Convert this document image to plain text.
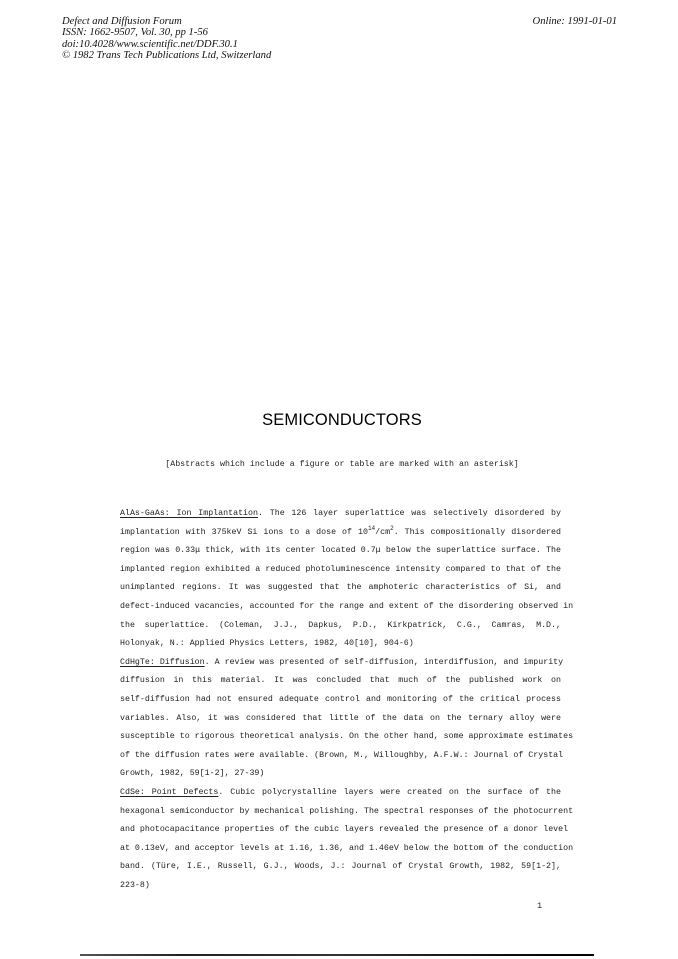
Defect and Diffusion Forum
ISSN: 1662-9507, Vol. 30, pp 1-56
doi:10.4028/www.scientific.net/DDF.30.1
© 1982 Trans Tech Publications Ltd, Switzerland
Online: 1991-01-01
SEMICONDUCTORS
[Abstracts which include a figure or table are marked with an asterisk]
AlAs-GaAs: Ion Implantation. The 126 layer superlattice was selectively disordered by
implantation with 375keV Si ions to a dose of $10^{14}/cm^2$. This compositionally disordered
region was 0.33μ thick, with its center located 0.7μ below the superlattice surface. The
implanted region exhibited a reduced photoluminescence intensity compared to that of the
unimplanted regions. It was suggested that the amphoteric characteristics of Si, and
defect-induced vacancies, accounted for the range and extent of the disordering observed in
the superlattice. (Coleman, J.J., Dapkus, P.D., Kirkpatrick, C.G., Camras, M.D.,
Holonyak, N.: Applied Physics Letters, 1982, 40[10], 904-6)
CdHgTe: Diffusion. A review was presented of self-diffusion, interdiffusion, and impurity
diffusion in this material. It was concluded that much of the published work on
self-diffusion had not ensured adequate control and monitoring of the critical process
variables. Also, it was considered that little of the data on the ternary alloy were
susceptible to rigorous theoretical analysis. On the other hand, some approximate estimates
of the diffusion rates were available. (Brown, M., Willoughby, A.F.W.: Journal of Crystal
Growth, 1982, 59[1-2], 27-39)
CdSe: Point Defects. Cubic polycrystalline layers were created on the surface of the
hexagonal semiconductor by mechanical polishing. The spectral responses of the photocurrent
and photocapacitance properties of the cubic layers revealed the presence of a donor level
at 0.13eV, and acceptor levels at 1.16, 1.36, and 1.46eV below the bottom of the conduction
band. (Türe, I.E., Russell, G.J., Woods, J.: Journal of Crystal Growth, 1982, 59[1-2],
223-8)
1
